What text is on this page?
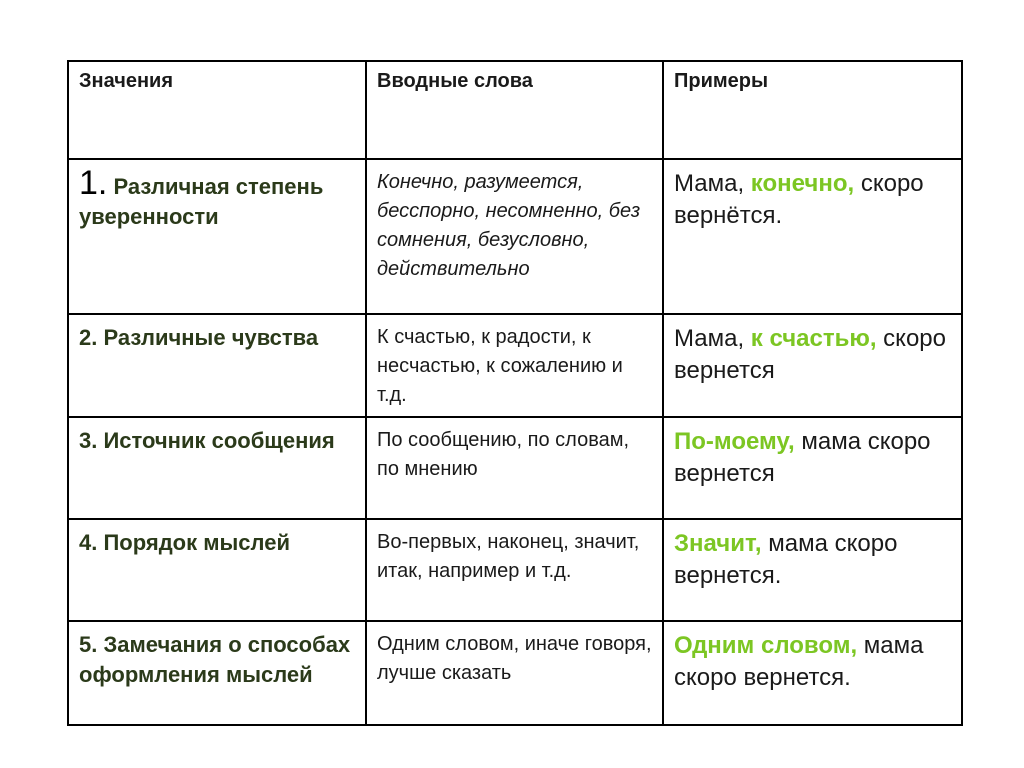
Значения	Вводные слова	Примеры
1. Различная степень уверенности	Конечно, разумеется, бесспорно, несомненно, без сомнения, безусловно, действительно	Мама, конечно, скоро вернётся.
2. Различные чувства	К счастью, к радости, к несчастью, к сожалению и т.д.	Мама, к счастью, скоро вернется
3. Источник сообщения	По сообщению, по словам, по мнению	По-моему, мама скоро вернется
4. Порядок мыслей	Во-первых, наконец, значит, итак, например и т.д.	Значит, мама скоро вернется.
5. Замечания о способах оформления мыслей	Одним словом, иначе говоря, лучше сказать	Одним словом, мама скоро вернется.
